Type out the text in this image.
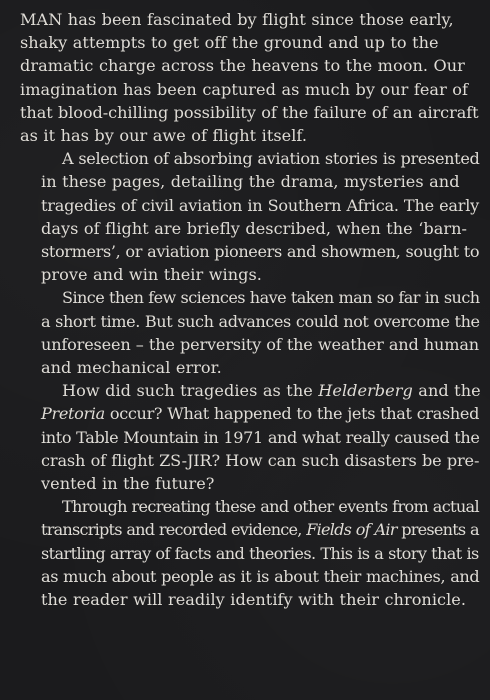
MAN has been fascinated by flight since those early,
shaky attempts to get off the ground and up to the
dramatic charge across the heavens to the moon. Our
imagination has been captured as much by our fear of
that blood-chilling possibility of the failure of an aircraft
as it has by our awe of flight itself.
A selection of absorbing aviation stories is presented
in these pages, detailing the drama, mysteries and
tragedies of civil aviation in Southern Africa. The early
days of flight are briefly described, when the ‘barn-
stormers’, or aviation pioneers and showmen, sought to
prove and win their wings.
Since then few sciences have taken man so far in such
a short time. But such advances could not overcome the
unforeseen – the perversity of the weather and human
and mechanical error.
How did such tragedies as the Helderberg and the
Pretoria occur? What happened to the jets that crashed
into Table Mountain in 1971 and what really caused the
crash of flight ZS-JIR? How can such disasters be pre-
vented in the future?
Through recreating these and other events from actual
transcripts and recorded evidence, Fields of Air presents a
startling array of facts and theories. This is a story that is
as much about people as it is about their machines, and
the reader will readily identify with their chronicle.
